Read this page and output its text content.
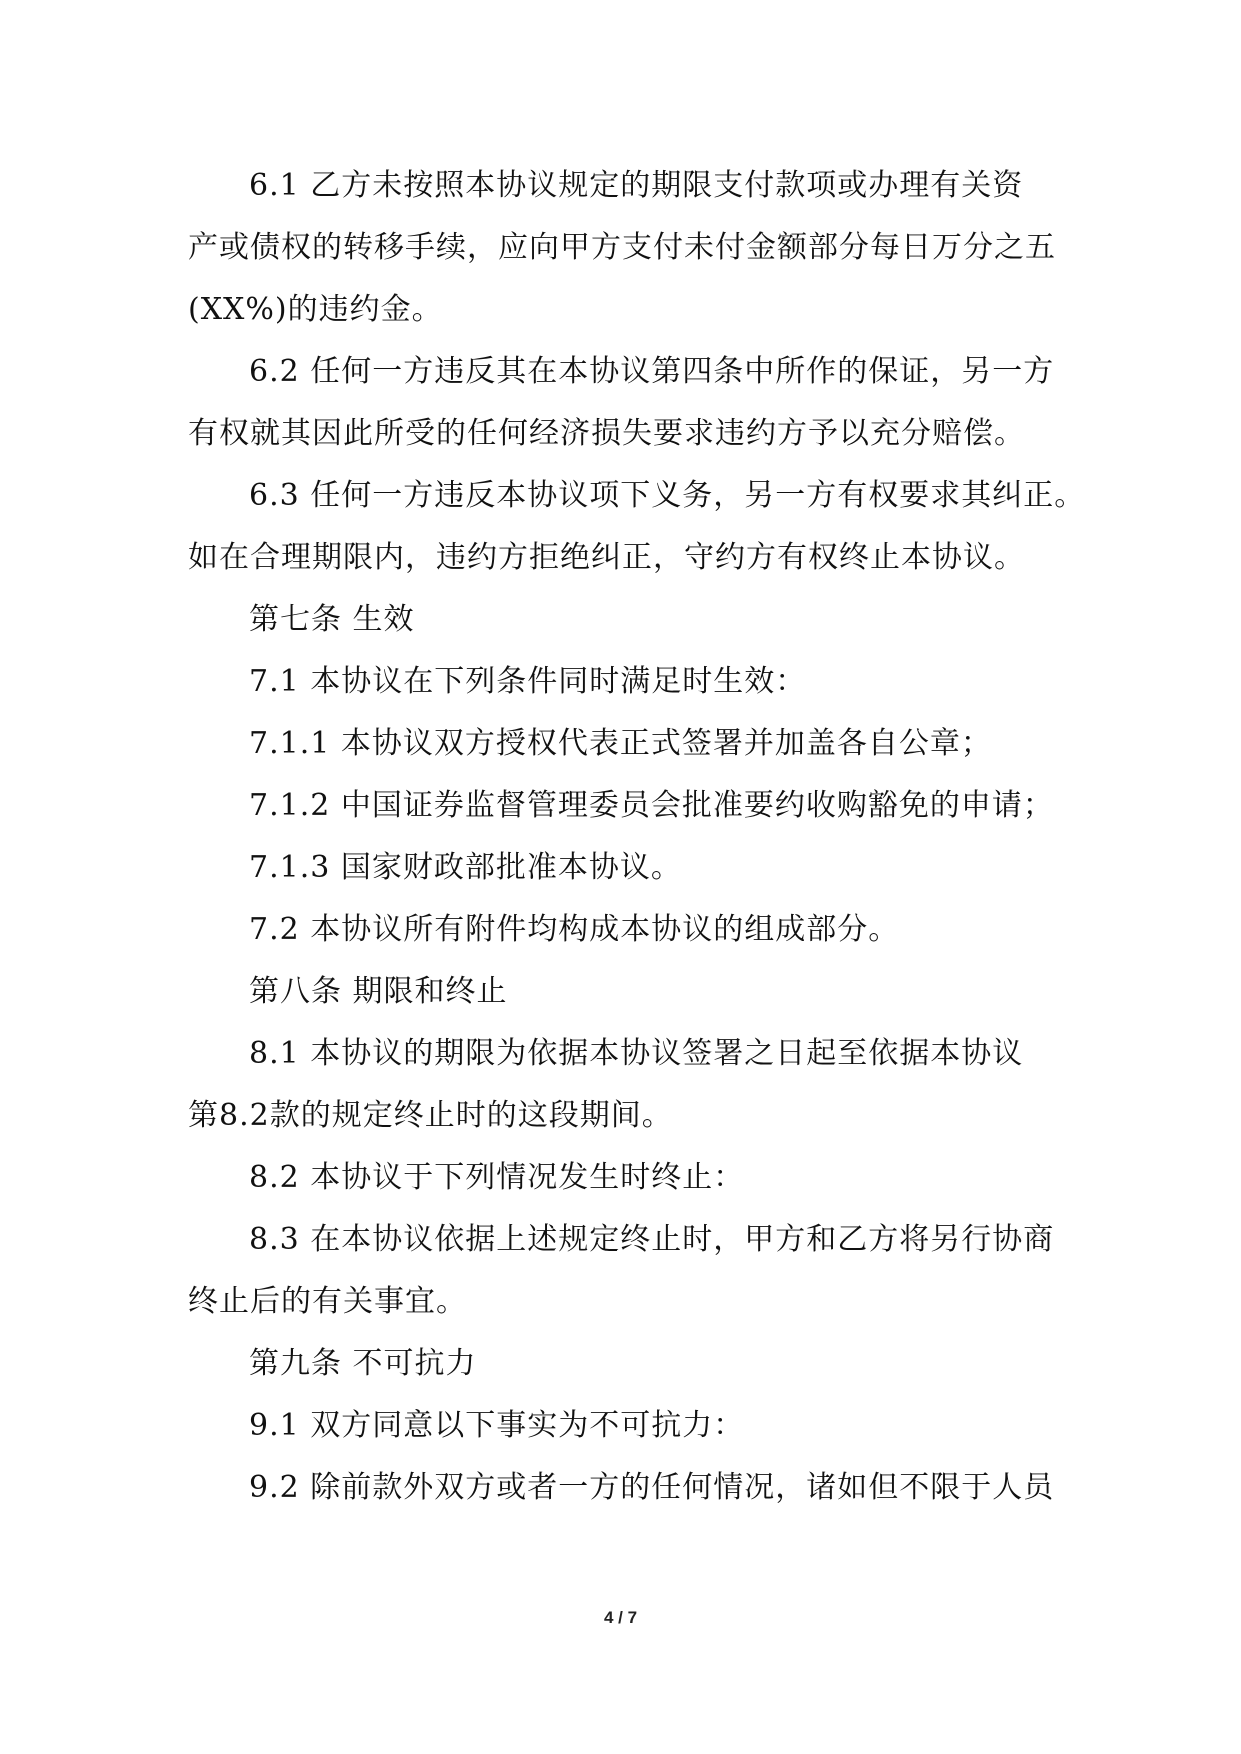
6.1 乙方未按照本协议规定的期限支付款项或办理有关资
产或债权的转移手续，应向甲方支付未付金额部分每日万分之五
(XX%)的违约金。
6.2 任何一方违反其在本协议第四条中所作的保证，另一方
有权就其因此所受的任何经济损失要求违约方予以充分赔偿。
6.3 任何一方违反本协议项下义务，另一方有权要求其纠正。
如在合理期限内，违约方拒绝纠正，守约方有权终止本协议。
第七条 生效
7.1 本协议在下列条件同时满足时生效：
7.1.1 本协议双方授权代表正式签署并加盖各自公章；
7.1.2 中国证券监督管理委员会批准要约收购豁免的申请；
7.1.3 国家财政部批准本协议。
7.2 本协议所有附件均构成本协议的组成部分。
第八条 期限和终止
8.1 本协议的期限为依据本协议签署之日起至依据本协议
第8.2款的规定终止时的这段期间。
8.2 本协议于下列情况发生时终止：
8.3 在本协议依据上述规定终止时，甲方和乙方将另行协商
终止后的有关事宜。
第九条 不可抗力
9.1 双方同意以下事实为不可抗力：
9.2 除前款外双方或者一方的任何情况，诸如但不限于人员
4 / 7
